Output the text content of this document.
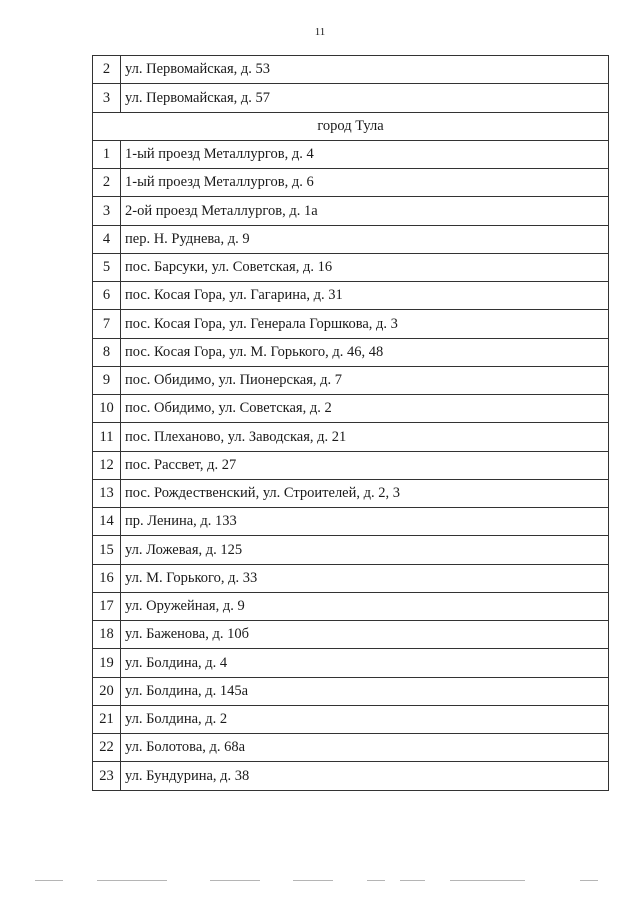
11
2	ул. Первомайская, д. 53
3	ул. Первомайская, д. 57
город Тула	
1	1-ый проезд Металлургов, д. 4
2	1-ый проезд Металлургов, д. 6
3	2-ой проезд Металлургов, д. 1а
4	пер. Н. Руднева, д. 9
5	пос. Барсуки, ул. Советская, д. 16
6	пос. Косая Гора, ул. Гагарина, д. 31
7	пос. Косая Гора, ул. Генерала Горшкова, д. 3
8	пос. Косая Гора, ул. М. Горького, д. 46, 48
9	пос. Обидимо, ул. Пионерская, д. 7
10	пос. Обидимо, ул. Советская, д. 2
11	пос. Плеханово, ул. Заводская, д. 21
12	пос. Рассвет, д. 27
13	пос. Рождественский, ул. Строителей, д. 2, 3
14	пр. Ленина, д. 133
15	ул. Ложевая, д. 125
16	ул. М. Горького, д. 33
17	ул. Оружейная, д. 9
18	ул. Баженова, д. 10б
19	ул. Болдина, д. 4
20	ул. Болдина, д. 145а
21	ул. Болдина, д. 2
22	ул. Болотова, д. 68а
23	ул. Бундурина, д. 38
